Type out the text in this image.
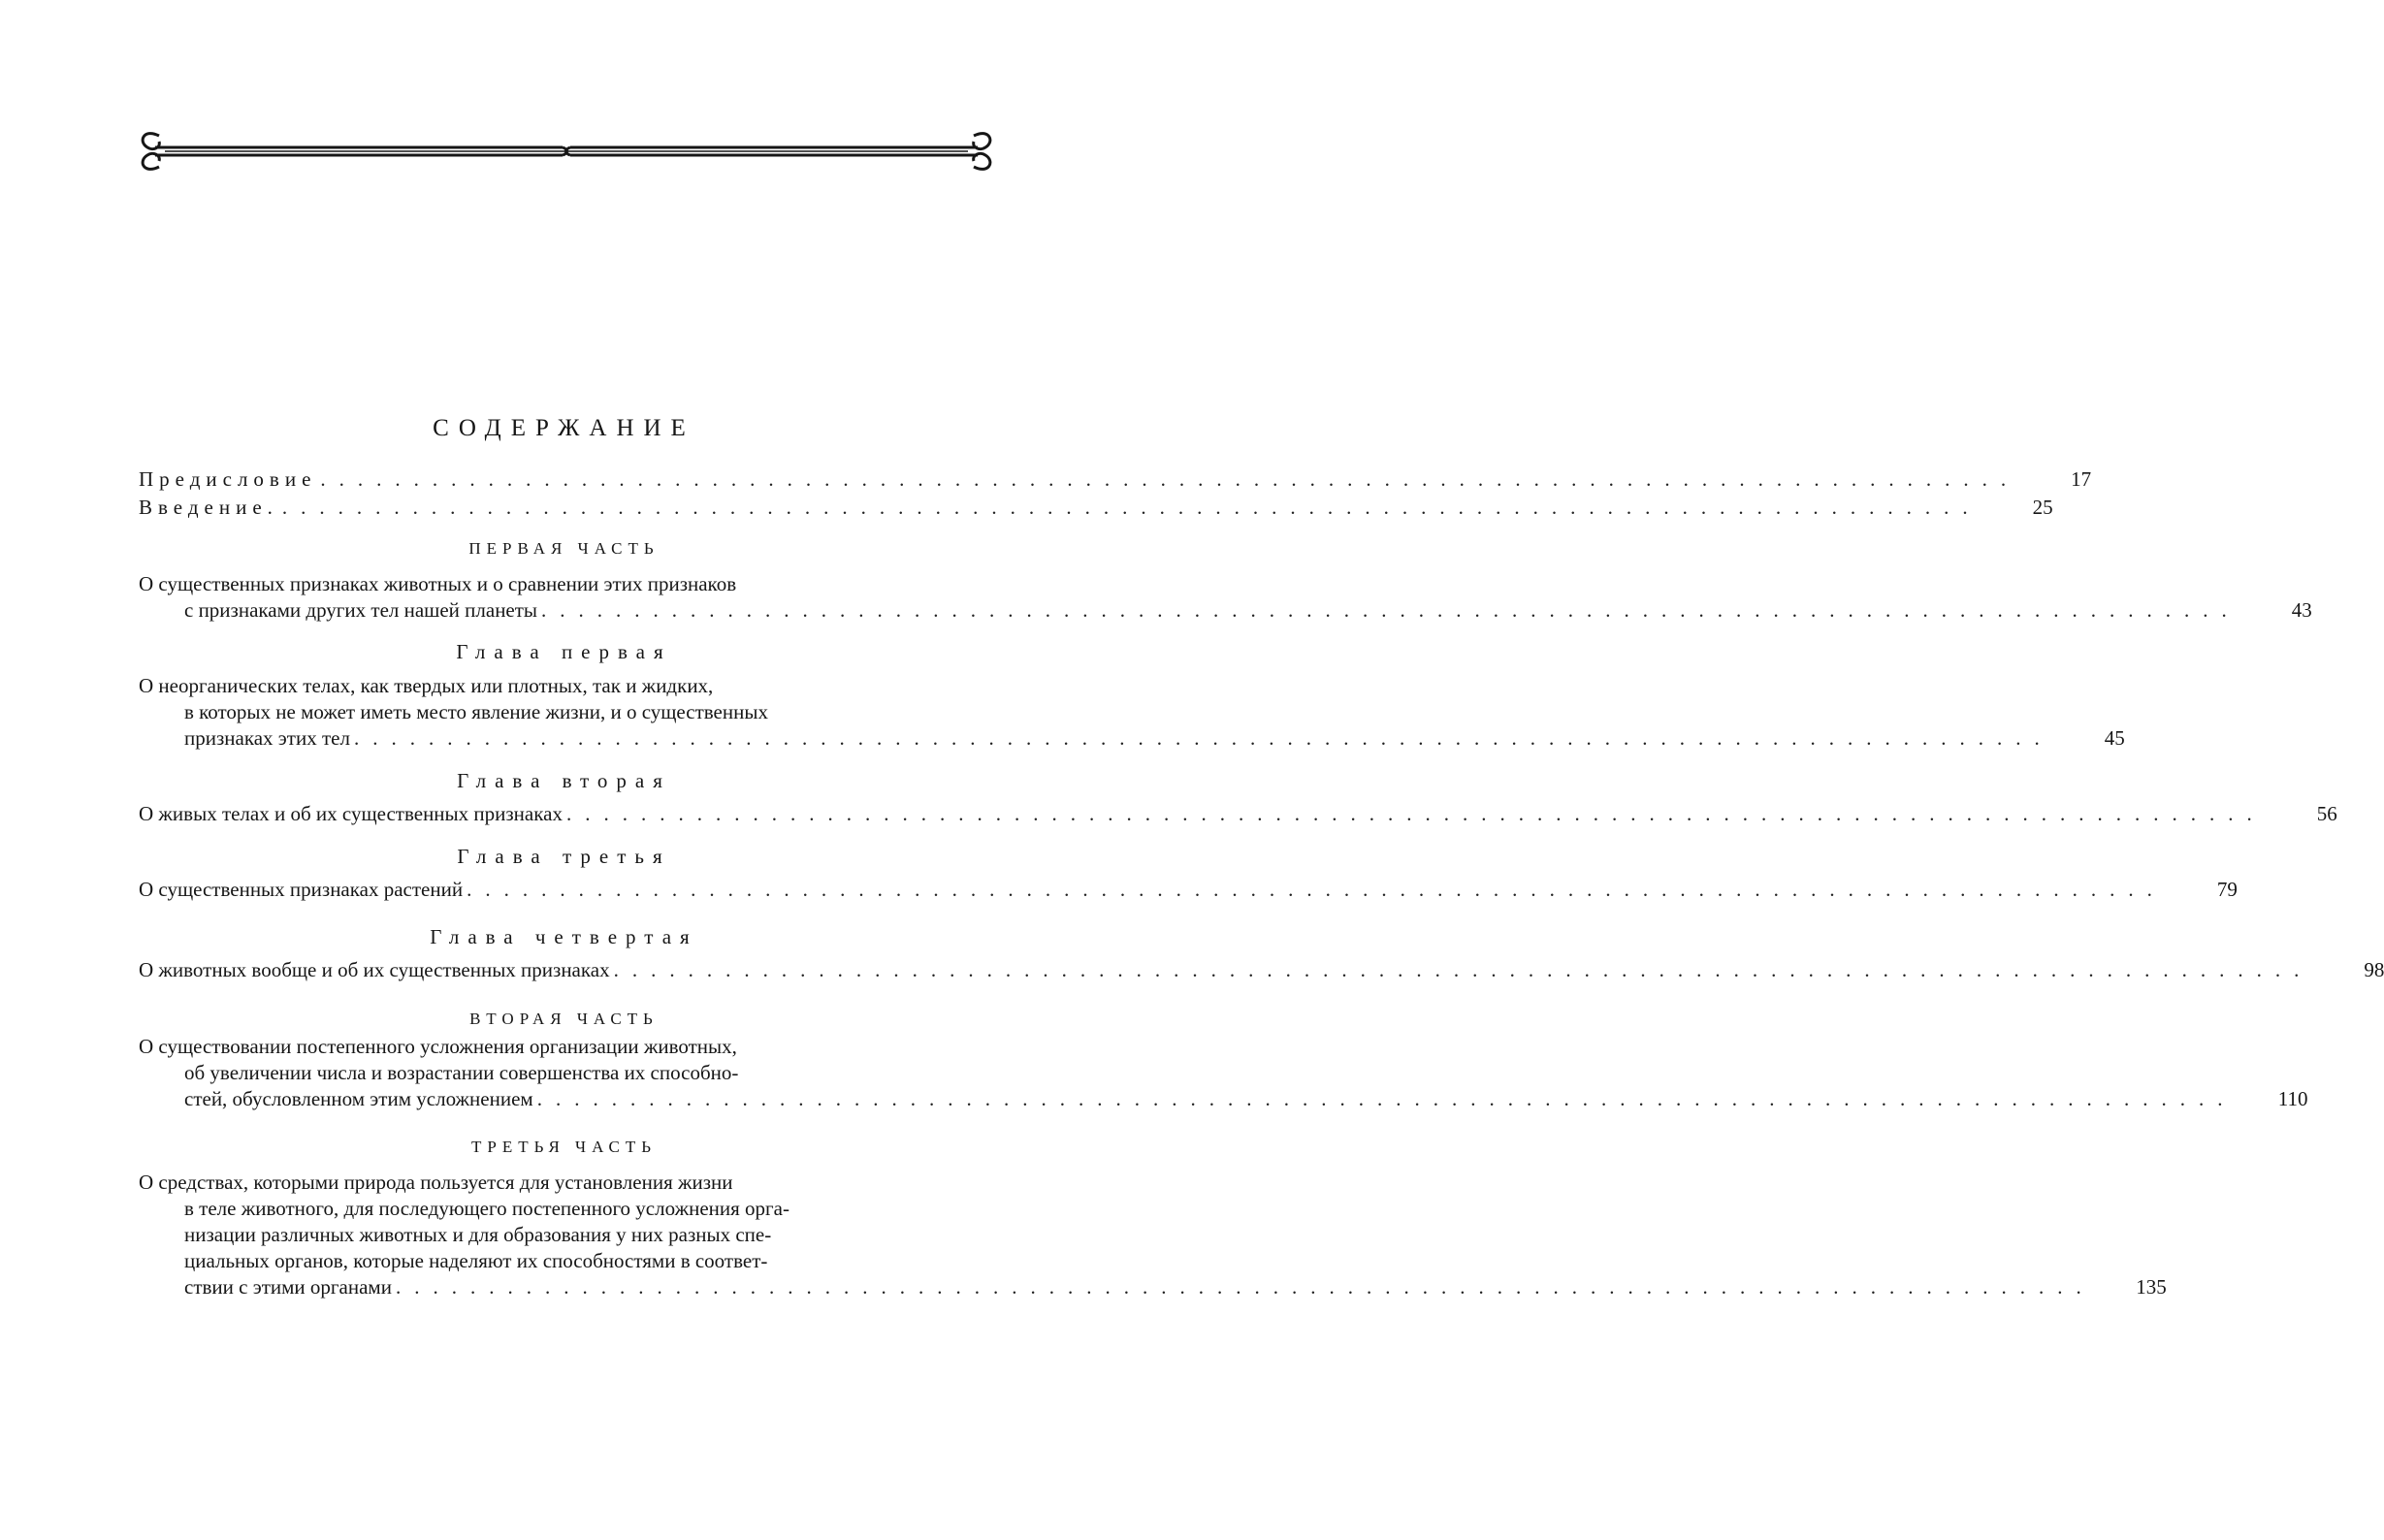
СОДЕРЖАНИЕ
Предисловие ...........................................................................................	17
Введение. ...........................................................................................	25
ПЕРВАЯ ЧАСТЬ
О существенных признаках животных и о сравнении этих признаков
с признаками других тел нашей планеты ...........................................................................................	43
Глава первая
О неорганических телах, как твердых или плотных, так и жидких,
в которых не может иметь место явление жизни, и о существенных
признаках этих тел ...........................................................................................	45
Глава вторая
О живых телах и об их существенных признаках ...........................................................................................	56
Глава третья
О существенных признаках растений ...........................................................................................	79
Глава четвертая
О животных вообще и об их существенных признаках ...........................................................................................	98
ВТОРАЯ ЧАСТЬ
О существовании постепенного усложнения организации животных,
об увеличении числа и возрастании совершенства их способно-
стей, обусловленном этим усложнением ...........................................................................................	110
ТРЕТЬЯ ЧАСТЬ
О средствах, которыми природа пользуется для установления жизни
в теле животного, для последующего постепенного усложнения орга-
низации различных животных и для образования у них разных спе-
циальных органов, которые наделяют их способностями в соответ-
ствии с этими органами ...........................................................................................	135
